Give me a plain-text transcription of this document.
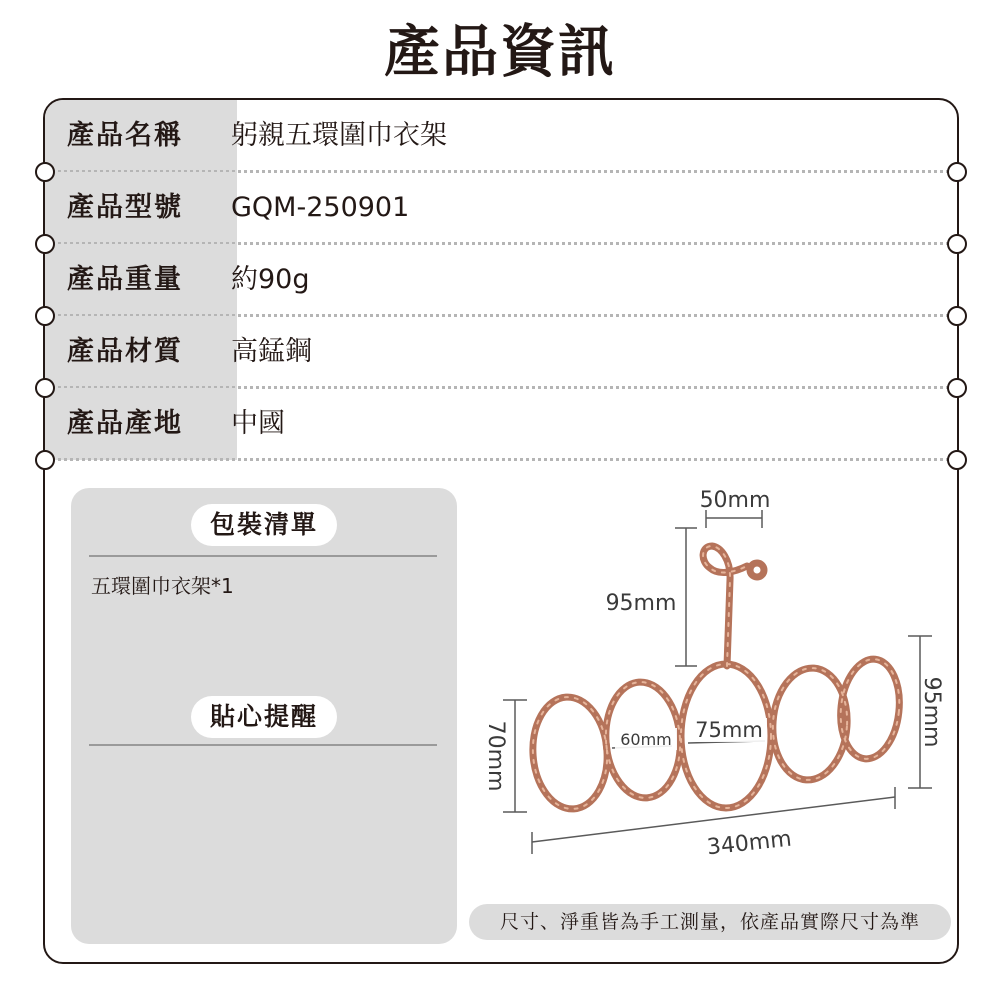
產品資訊
產品名稱	躬親五環圍巾衣架
產品型號	GQM-250901
產品重量	約90g
產品材質	高錳鋼
產品產地	中國
包裝清單
五環圍巾衣架*1
貼心提醒
50mm
95mm
340mm
70mm
95mm
60mm 75mm
尺寸、淨重皆為手工測量，依產品實際尺寸為準
